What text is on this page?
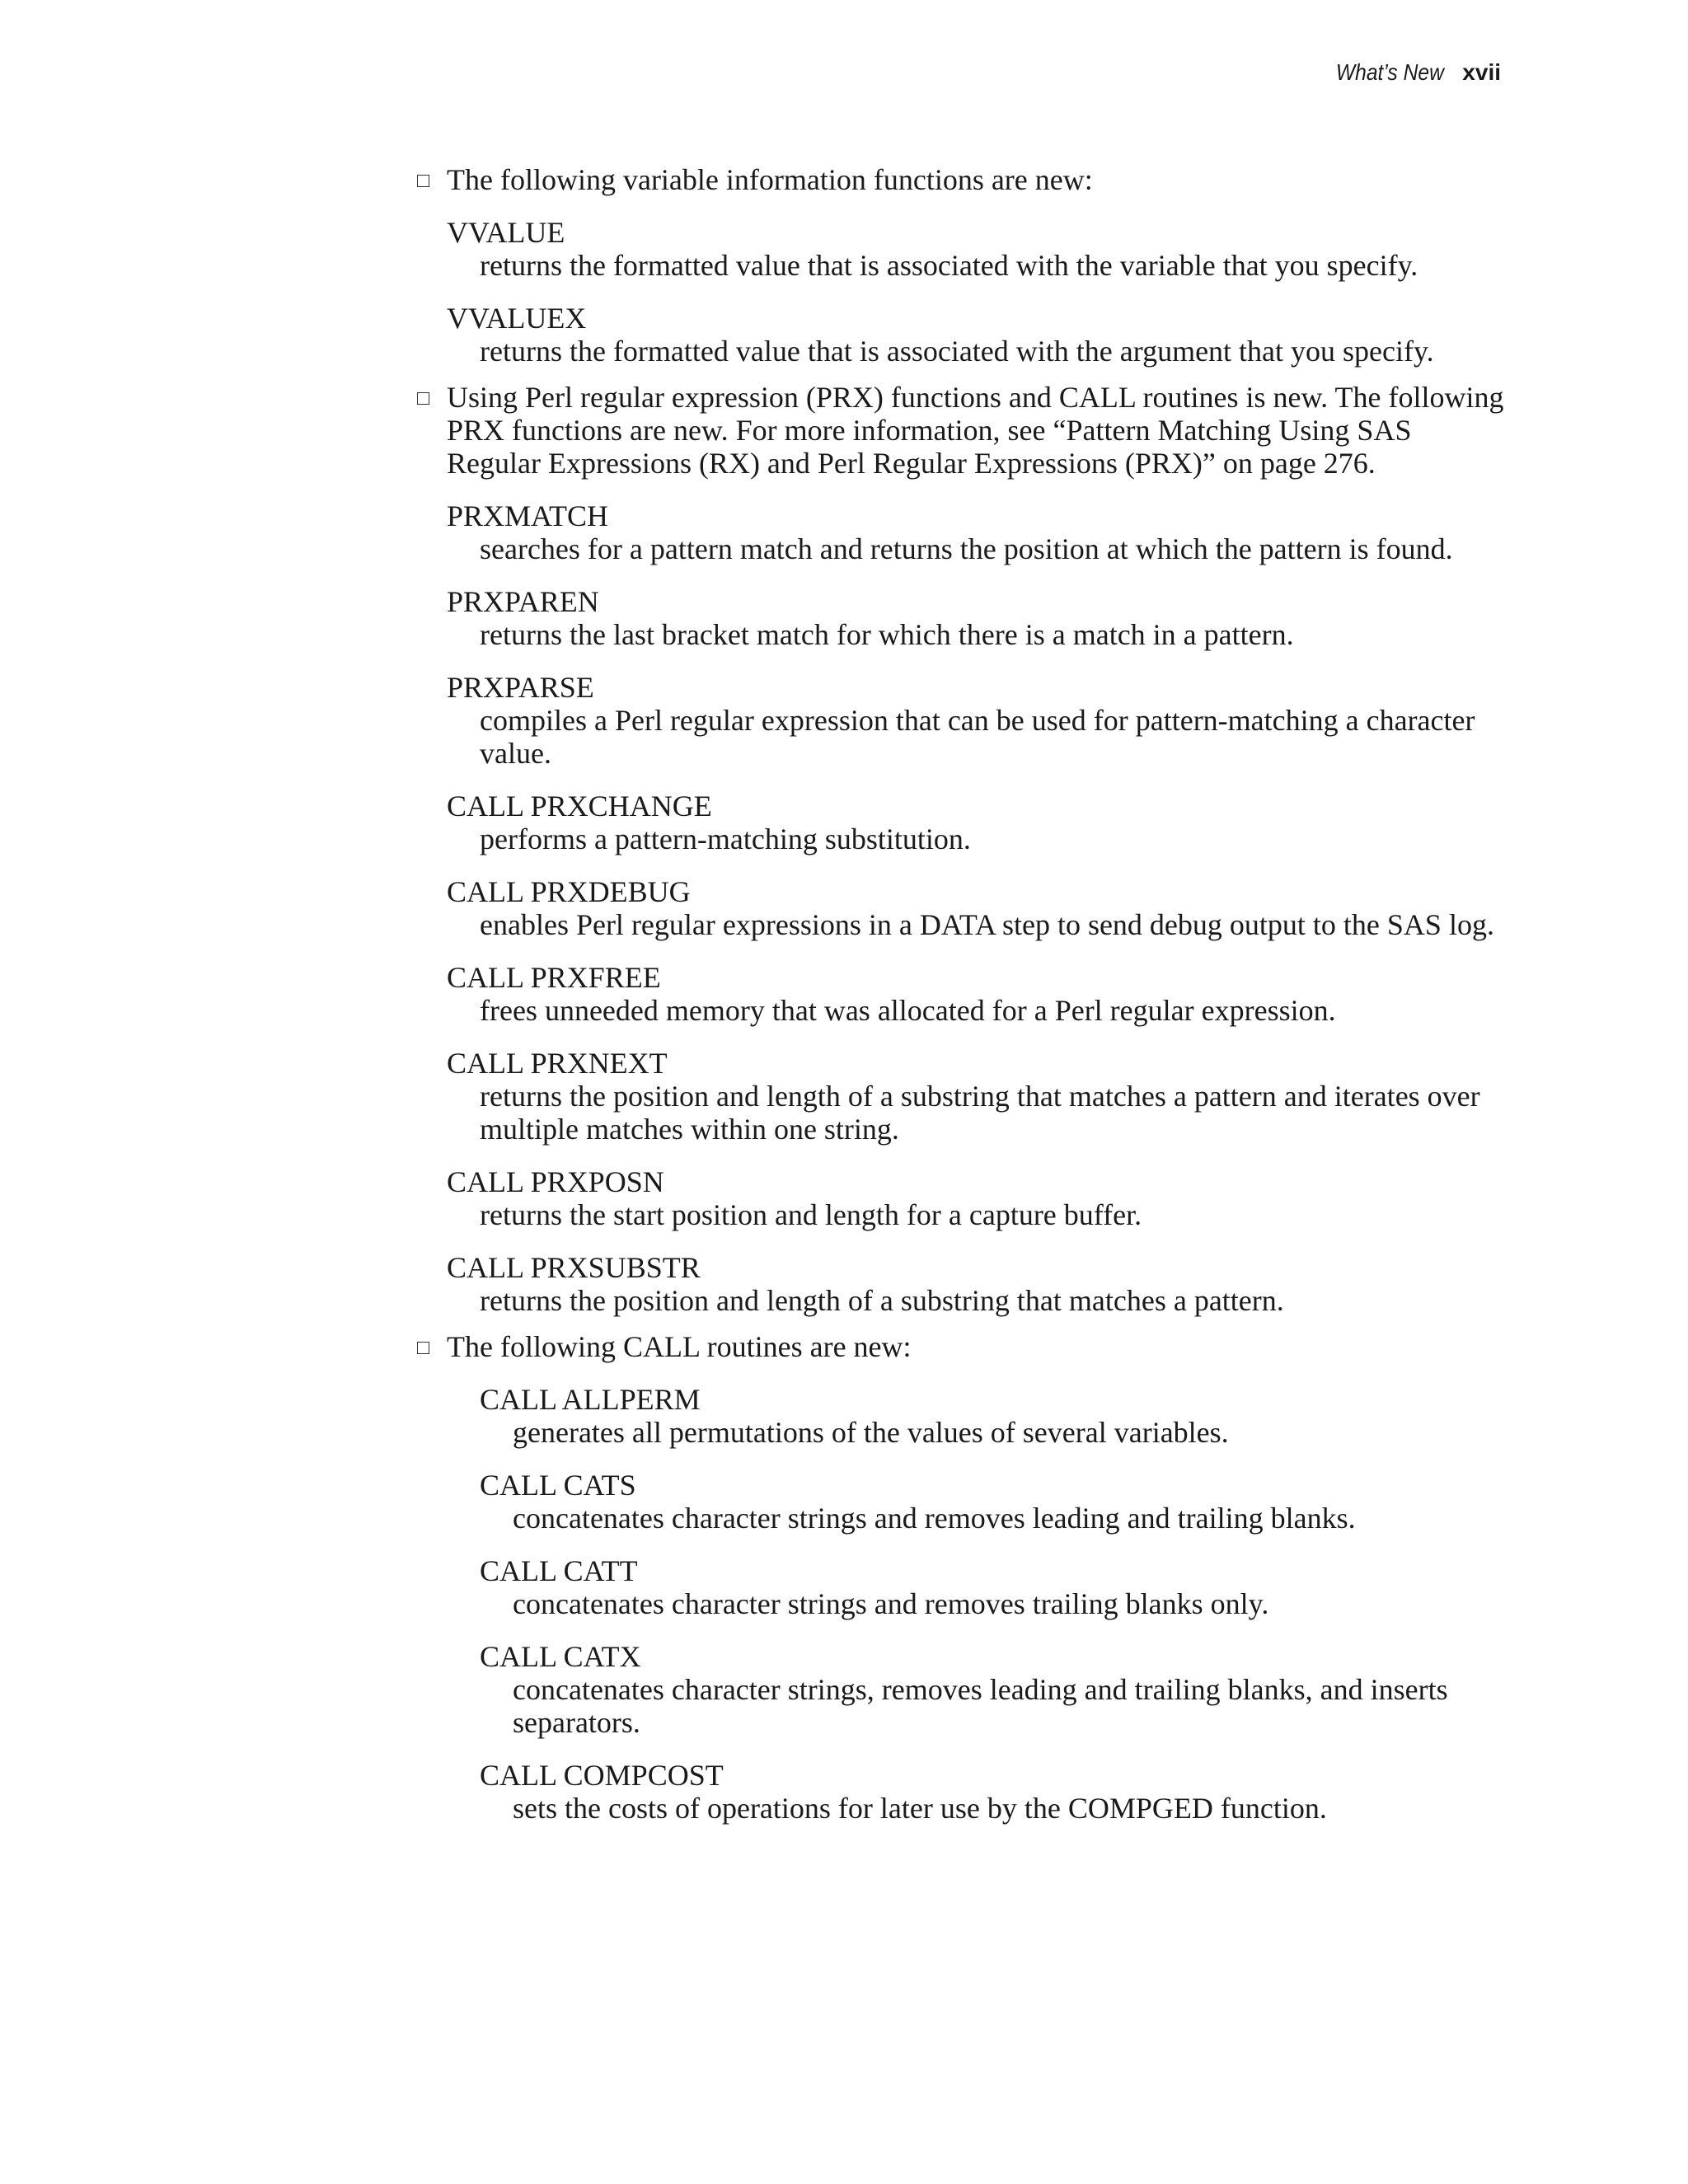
What’s New xvii
The following variable information functions are new:
VVALUE
returns the formatted value that is associated with the variable that you specify.
VVALUEX
returns the formatted value that is associated with the argument that you specify.
Using Perl regular expression (PRX) functions and CALL routines is new. The following PRX functions are new. For more information, see “Pattern Matching Using SAS Regular Expressions (RX) and Perl Regular Expressions (PRX)” on page 276.
PRXMATCH
searches for a pattern match and returns the position at which the pattern is found.
PRXPAREN
returns the last bracket match for which there is a match in a pattern.
PRXPARSE
compiles a Perl regular expression that can be used for pattern-matching a character value.
CALL PRXCHANGE
performs a pattern-matching substitution.
CALL PRXDEBUG
enables Perl regular expressions in a DATA step to send debug output to the SAS log.
CALL PRXFREE
frees unneeded memory that was allocated for a Perl regular expression.
CALL PRXNEXT
returns the position and length of a substring that matches a pattern and iterates over multiple matches within one string.
CALL PRXPOSN
returns the start position and length for a capture buffer.
CALL PRXSUBSTR
returns the position and length of a substring that matches a pattern.
The following CALL routines are new:
CALL ALLPERM
generates all permutations of the values of several variables.
CALL CATS
concatenates character strings and removes leading and trailing blanks.
CALL CATT
concatenates character strings and removes trailing blanks only.
CALL CATX
concatenates character strings, removes leading and trailing blanks, and inserts separators.
CALL COMPCOST
sets the costs of operations for later use by the COMPGED function.
